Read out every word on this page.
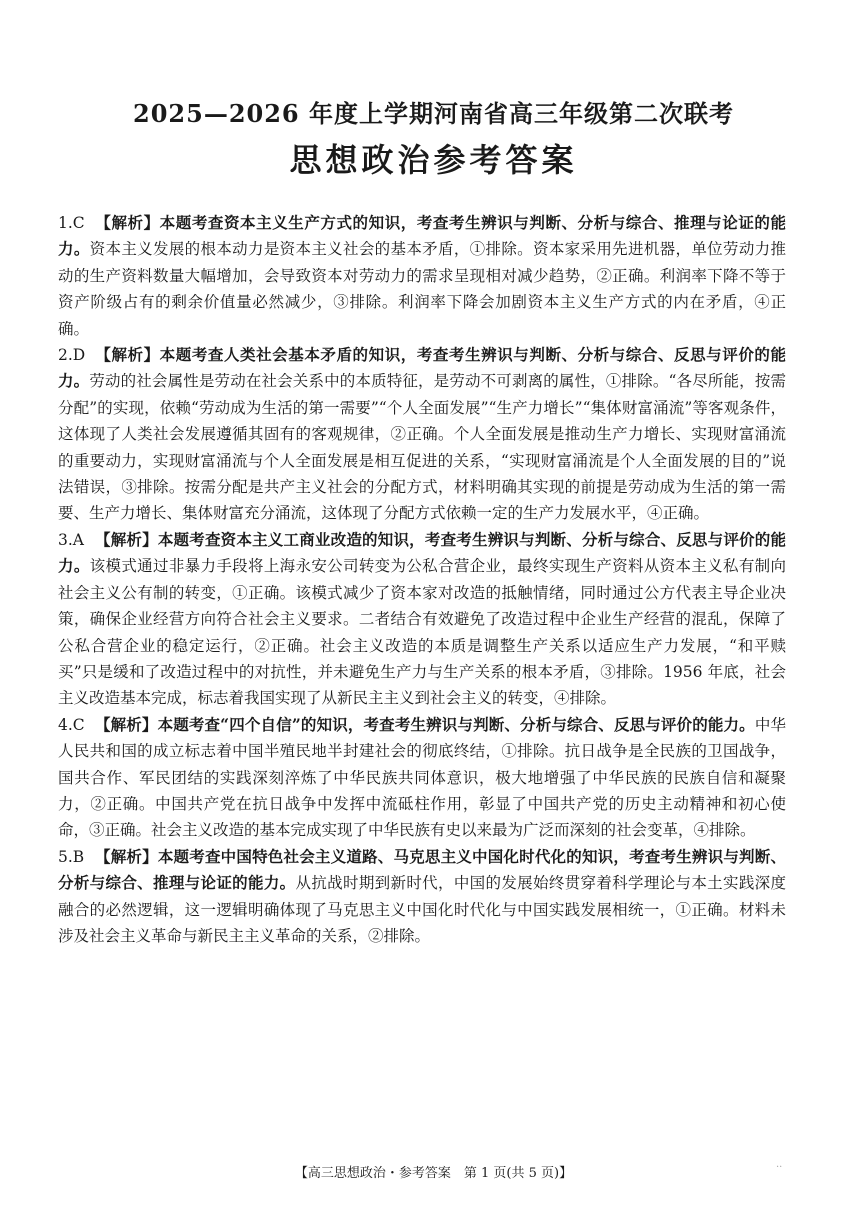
2025—2026 年度上学期河南省高三年级第二次联考
思想政治参考答案

1.C 【解析】本题考查资本主义生产方式的知识，考查考生辨识与判断、分析与综合、推理与论证的能力。资本主义发展的根本动力是资本主义社会的基本矛盾，①排除。资本家采用先进机器，单位劳动力推动的生产资料数量大幅增加，会导致资本对劳动力的需求呈现相对减少趋势，②正确。利润率下降不等于资产阶级占有的剩余价值量必然减少，③排除。利润率下降会加剧资本主义生产方式的内在矛盾，④正确。

2.D 【解析】本题考查人类社会基本矛盾的知识，考查考生辨识与判断、分析与综合、反思与评价的能力。劳动的社会属性是劳动在社会关系中的本质特征，是劳动不可剥离的属性，①排除。“各尽所能，按需分配”的实现，依赖“劳动成为生活的第一需要”“个人全面发展”“生产力增长”“集体财富涌流”等客观条件，这体现了人类社会发展遵循其固有的客观规律，②正确。个人全面发展是推动生产力增长、实现财富涌流的重要动力，实现财富涌流与个人全面发展是相互促进的关系，“实现财富涌流是个人全面发展的目的”说法错误，③排除。按需分配是共产主义社会的分配方式，材料明确其实现的前提是劳动成为生活的第一需要、生产力增长、集体财富充分涌流，这体现了分配方式依赖一定的生产力发展水平，④正确。

3.A 【解析】本题考查资本主义工商业改造的知识，考查考生辨识与判断、分析与综合、反思与评价的能力。该模式通过非暴力手段将上海永安公司转变为公私合营企业，最终实现生产资料从资本主义私有制向社会主义公有制的转变，①正确。该模式减少了资本家对改造的抵触情绪，同时通过公方代表主导企业决策，确保企业经营方向符合社会主义要求。二者结合有效避免了改造过程中企业生产经营的混乱，保障了公私合营企业的稳定运行，②正确。社会主义改造的本质是调整生产关系以适应生产力发展，“和平赎买”只是缓和了改造过程中的对抗性，并未避免生产力与生产关系的根本矛盾，③排除。1956 年底，社会主义改造基本完成，标志着我国实现了从新民主主义到社会主义的转变，④排除。

4.C 【解析】本题考查“四个自信”的知识，考查考生辨识与判断、分析与综合、反思与评价的能力。中华人民共和国的成立标志着中国半殖民地半封建社会的彻底终结，①排除。抗日战争是全民族的卫国战争，国共合作、军民团结的实践深刻淬炼了中华民族共同体意识，极大地增强了中华民族的民族自信和凝聚力，②正确。中国共产党在抗日战争中发挥中流砥柱作用，彰显了中国共产党的历史主动精神和初心使命，③正确。社会主义改造的基本完成实现了中华民族有史以来最为广泛而深刻的社会变革，④排除。

5.B 【解析】本题考查中国特色社会主义道路、马克思主义中国化时代化的知识，考查考生辨识与判断、分析与综合、推理与论证的能力。从抗战时期到新时代，中国的发展始终贯穿着科学理论与本土实践深度融合的必然逻辑，这一逻辑明确体现了马克思主义中国化时代化与中国实践发展相统一，①正确。材料未涉及社会主义革命与新民主主义革命的关系，②排除。

【高三思想政治・参考答案　第 1 页(共 5 页)】	··
